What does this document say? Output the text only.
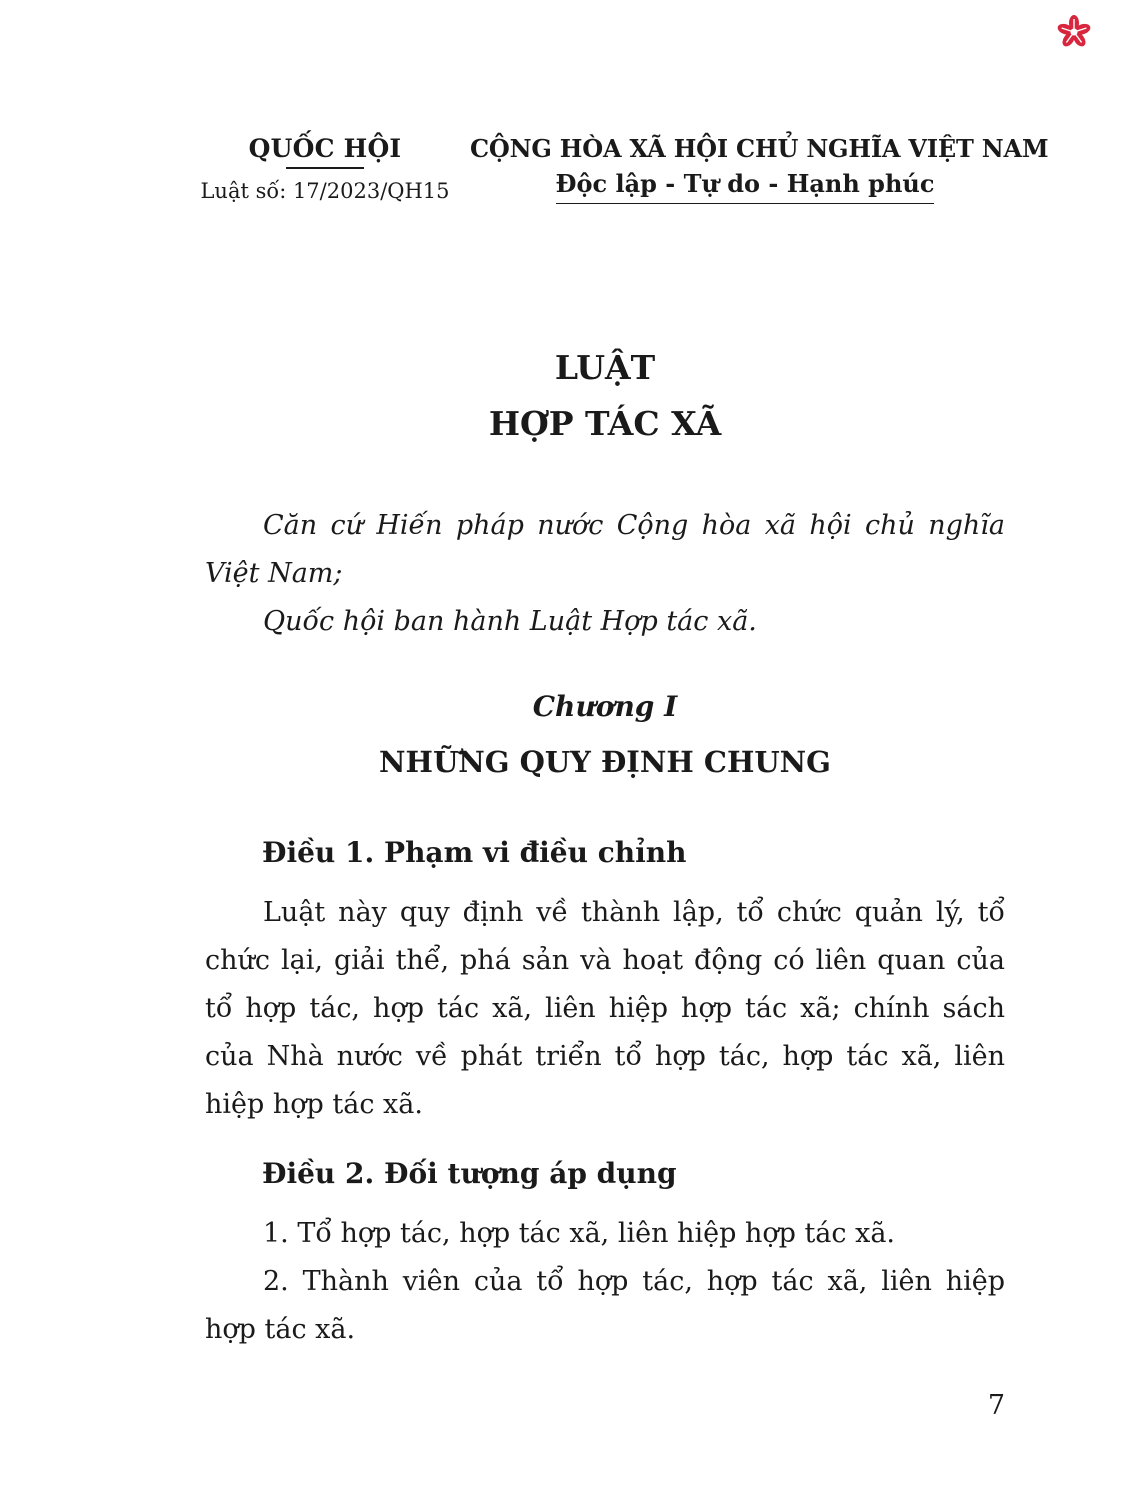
QUỐC HỘI
Luật số: 17/2023/QH15
CỘNG HÒA XÃ HỘI CHỦ NGHĨA VIỆT NAM
Độc lập - Tự do - Hạnh phúc
LUẬT
HỢP TÁC XÃ
Căn cứ Hiến pháp nước Cộng hòa xã hội chủ nghĩa
Việt Nam;
Quốc hội ban hành Luật Hợp tác xã.
Chương I
NHỮNG QUY ĐỊNH CHUNG
Điều 1. Phạm vi điều chỉnh
Luật này quy định về thành lập, tổ chức quản lý, tổ
chức lại, giải thể, phá sản và hoạt động có liên quan của
tổ hợp tác, hợp tác xã, liên hiệp hợp tác xã; chính sách
của Nhà nước về phát triển tổ hợp tác, hợp tác xã, liên
hiệp hợp tác xã.
Điều 2. Đối tượng áp dụng
1. Tổ hợp tác, hợp tác xã, liên hiệp hợp tác xã.
2. Thành viên của tổ hợp tác, hợp tác xã, liên hiệp
hợp tác xã.
7
